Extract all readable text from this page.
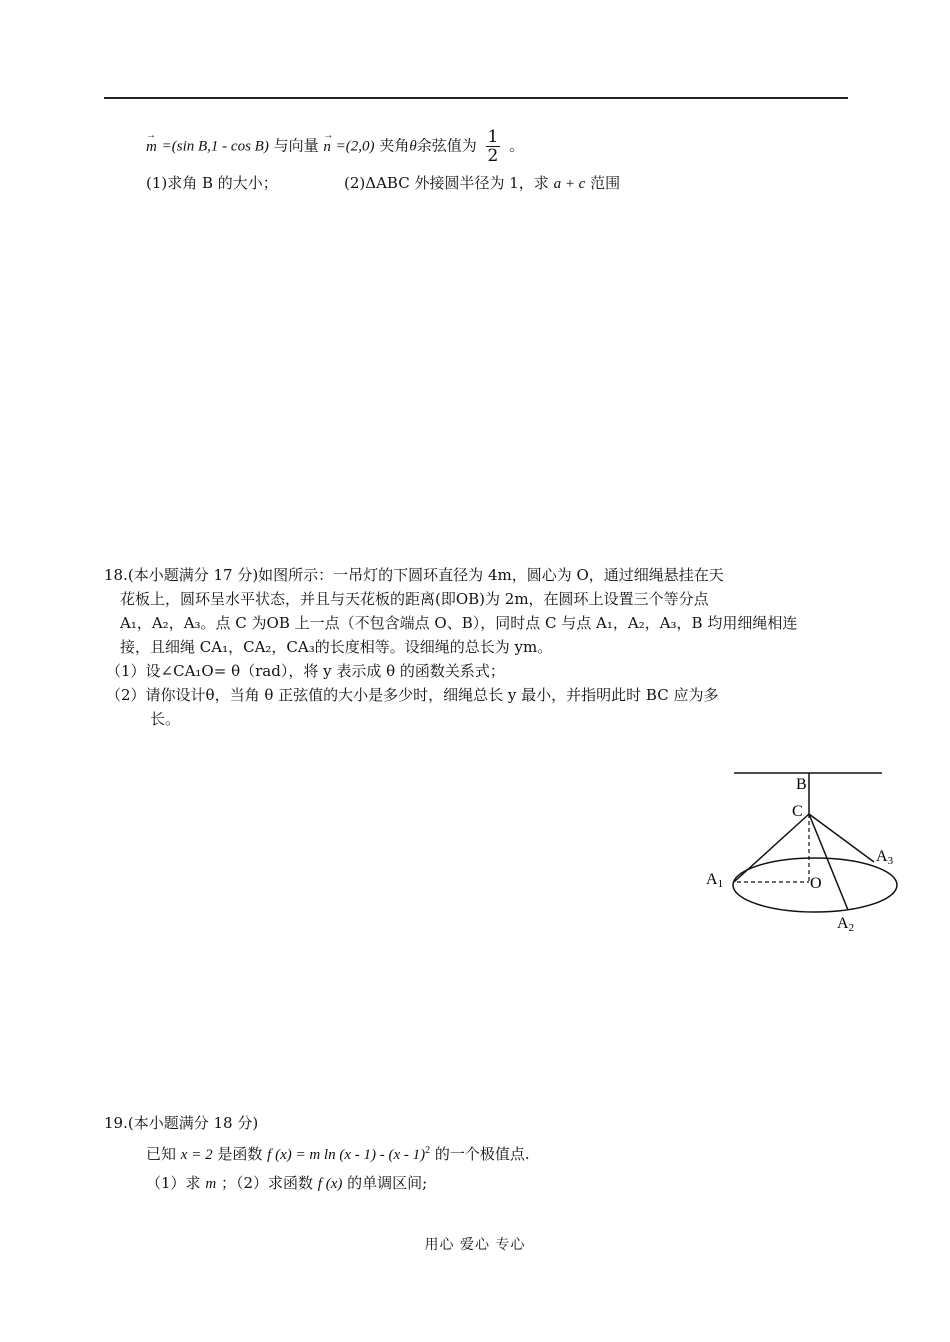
→ m =(sin B,1 - cos B) 与向量 → n =(2,0) 夹角θ余弦值为 $\frac{1}{2}$ 。
(1)求角 B 的大小；	(2)ΔABC 外接圆半径为 1，求 a + c 范围
18.(本小题满分 17 分)如图所示：一吊灯的下圆环直径为 4m，圆心为 O，通过细绳悬挂在天
花板上，圆环呈水平状态，并且与天花板的距离(即OB)为 2m，在圆环上设置三个等分点
A₁，A₂，A₃。点 C 为OB 上一点（不包含端点 O、B），同时点 C 与点 A₁，A₂，A₃，B 均用细绳相连
接，且细绳 CA₁，CA₂，CA₃的长度相等。设细绳的总长为 ym。
（1）设∠CA₁O= θ（rad），将 y 表示成 θ 的函数关系式；
（2）请你设计θ，当角 θ 正弦值的大小是多少时，细绳总长 y 最小，并指明此时 BC 应为多
长。
B
C
O
A1
A2
A3
19.(本小题满分 18 分)
已知 x = 2 是函数 f (x) = m ln (x - 1) - (x - 1)$^2$ 的一个极值点.
（1）求 m ；（2）求函数 f (x) 的单调区间;
用心 爱心 专心
